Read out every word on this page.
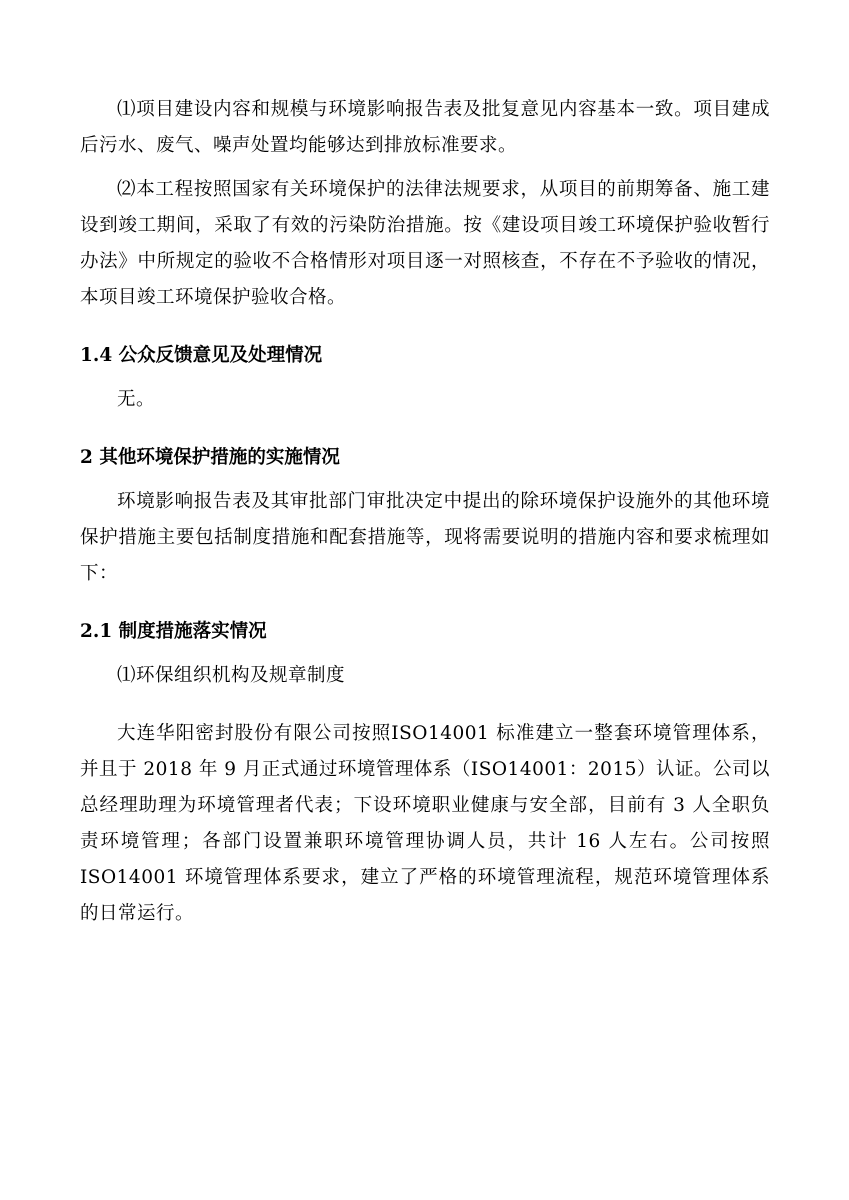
⑴项目建设内容和规模与环境影响报告表及批复意见内容基本一致。项目建成后污水、废气、噪声处置均能够达到排放标准要求。

⑵本工程按照国家有关环境保护的法律法规要求，从项目的前期筹备、施工建设到竣工期间，采取了有效的污染防治措施。按《建设项目竣工环境保护验收暂行办法》中所规定的验收不合格情形对项目逐一对照核查，不存在不予验收的情况，本项目竣工环境保护验收合格。

1.4 公众反馈意见及处理情况

无。

2 其他环境保护措施的实施情况

环境影响报告表及其审批部门审批决定中提出的除环境保护设施外的其他环境保护措施主要包括制度措施和配套措施等，现将需要说明的措施内容和要求梳理如下：

2.1 制度措施落实情况

⑴环保组织机构及规章制度

大连华阳密封股份有限公司按照ISO14001 标准建立一整套环境管理体系，并且于 2018 年 9 月正式通过环境管理体系（ISO14001：2015）认证。公司以总经理助理为环境管理者代表；下设环境职业健康与安全部，目前有 3 人全职负责环境管理；各部门设置兼职环境管理协调人员，共计 16 人左右。公司按照ISO14001 环境管理体系要求，建立了严格的环境管理流程，规范环境管理体系的日常运行。
